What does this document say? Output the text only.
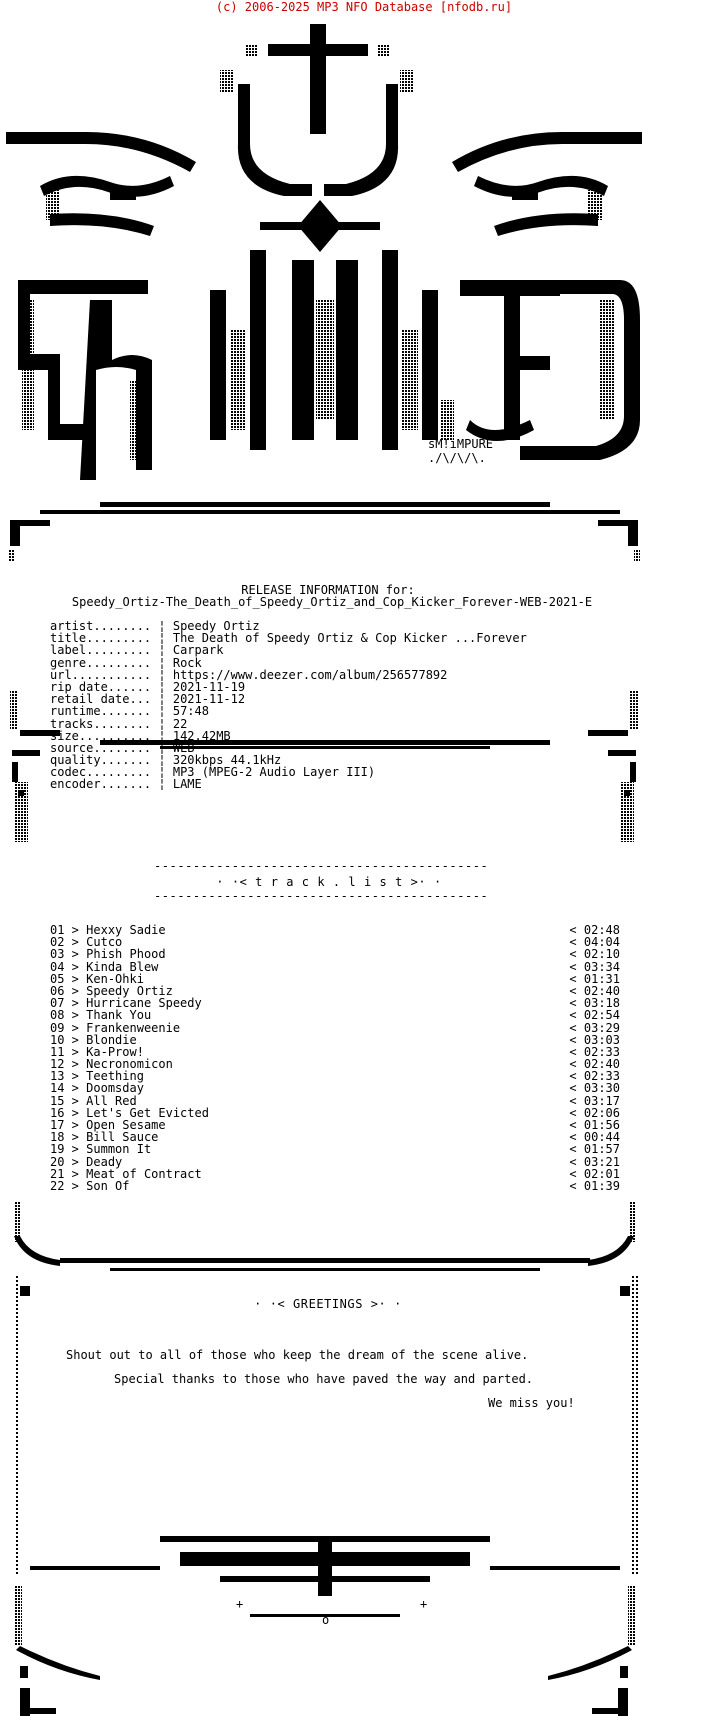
(c) 2006-2025 MP3 NFO Database [nfodb.ru]
sM!iMPURE
./\/\/\.
RELEASE INFORMATION for:
Speedy_Ortiz-The_Death_of_Speedy_Ortiz_and_Cop_Kicker_Forever-WEB-2021-E
artist........ ¦ Speedy Ortiz
title......... ¦ The Death of Speedy Ortiz & Cop Kicker ...Forever
label......... ¦ Carpark
genre......... ¦ Rock
url........... ¦ https://www.deezer.com/album/256577892
rip date...... ¦ 2021-11-19
retail date... ¦ 2021-11-12
runtime....... ¦ 57:48
tracks........ ¦ 22
size.......... ¦ 142.42MB
source........ ¦ WEB
quality....... ¦ 320kbps 44.1kHz
codec......... ¦ MP3 (MPEG-2 Audio Layer III)
encoder....... ¦ LAME
-------------------------------------------
· ·< t r a c k . l i s t >· ·
-------------------------------------------
01 > Hexxy Sadie	< 02:48
02 > Cutco	< 04:04
03 > Phish Phood	< 02:10
04 > Kinda Blew	< 03:34
05 > Ken-Ohki	< 01:31
06 > Speedy Ortiz	< 02:40
07 > Hurricane Speedy	< 03:18
08 > Thank You	< 02:54
09 > Frankenweenie	< 03:29
10 > Blondie	< 03:03
11 > Ka-Prow!	< 02:33
12 > Necronomicon	< 02:40
13 > Teething	< 02:33
14 > Doomsday	< 03:30
15 > All Red	< 03:17
16 > Let's Get Evicted	< 02:06
17 > Open Sesame	< 01:56
18 > Bill Sauce	< 00:44
19 > Summon It	< 01:57
20 > Deady	< 03:21
21 > Meat of Contract	< 02:01
22 > Son Of	< 01:39
+	+
o
· ·< GREETINGS >· ·
Shout out to all of those who keep the dream of the scene alive.
Special thanks to those who have paved the way and parted.
We miss you!
